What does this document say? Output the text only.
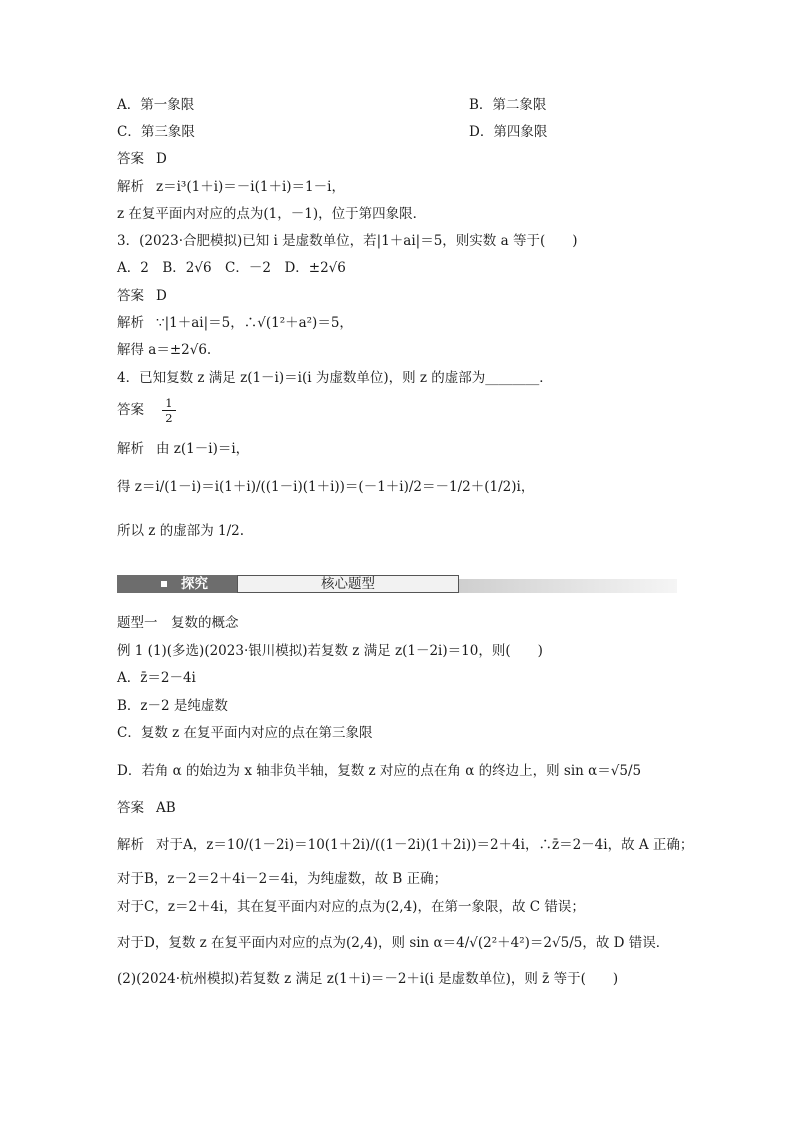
A．第一象限	B．第二象限
C．第三象限	D．第四象限
答案 D
解析 z＝i³(1＋i)＝－i(1＋i)＝1－i，
z 在复平面内对应的点为(1，－1)，位于第四象限．
3．(2023·合肥模拟)已知 i 是虚数单位，若|1＋ai|＝5，则实数 a 等于(　　)
A．2　B．2√6　C．－2　D．±2√6
答案 D
解析 ∵|1＋ai|＝5，∴√(1²＋a²)＝5，
解得 a＝±2√6.
4．已知复数 z 满足 z(1－i)＝i(i 为虚数单位)，则 z 的虚部为________．
答案 $\frac{1}{2}$
解析 由 z(1－i)＝i，
得 z＝i/(1－i)＝i(1＋i)/((1－i)(1＋i))＝(－1＋i)/2＝－1/2＋(1/2)i，
所以 z 的虚部为 1/2.
探究	核心题型
题型一　复数的概念
例 1 (1)(多选)(2023·银川模拟)若复数 z 满足 z(1－2i)＝10，则(　　)
A．z̄＝2－4i
B．z－2 是纯虚数
C．复数 z 在复平面内对应的点在第三象限
D．若角 α 的始边为 x 轴非负半轴，复数 z 对应的点在角 α 的终边上，则 sin α＝√5/5
答案 AB
解析 对于A，z＝10/(1－2i)＝10(1＋2i)/((1－2i)(1＋2i))＝2＋4i，∴z̄＝2－4i，故 A 正确；
对于B，z－2＝2＋4i－2＝4i，为纯虚数，故 B 正确；
对于C，z＝2＋4i，其在复平面内对应的点为(2,4)，在第一象限，故 C 错误；
对于D，复数 z 在复平面内对应的点为(2,4)，则 sin α＝4/√(2²＋4²)＝2√5/5，故 D 错误．
(2)(2024·杭州模拟)若复数 z 满足 z(1＋i)＝－2＋i(i 是虚数单位)，则 z̄ 等于(　　)
